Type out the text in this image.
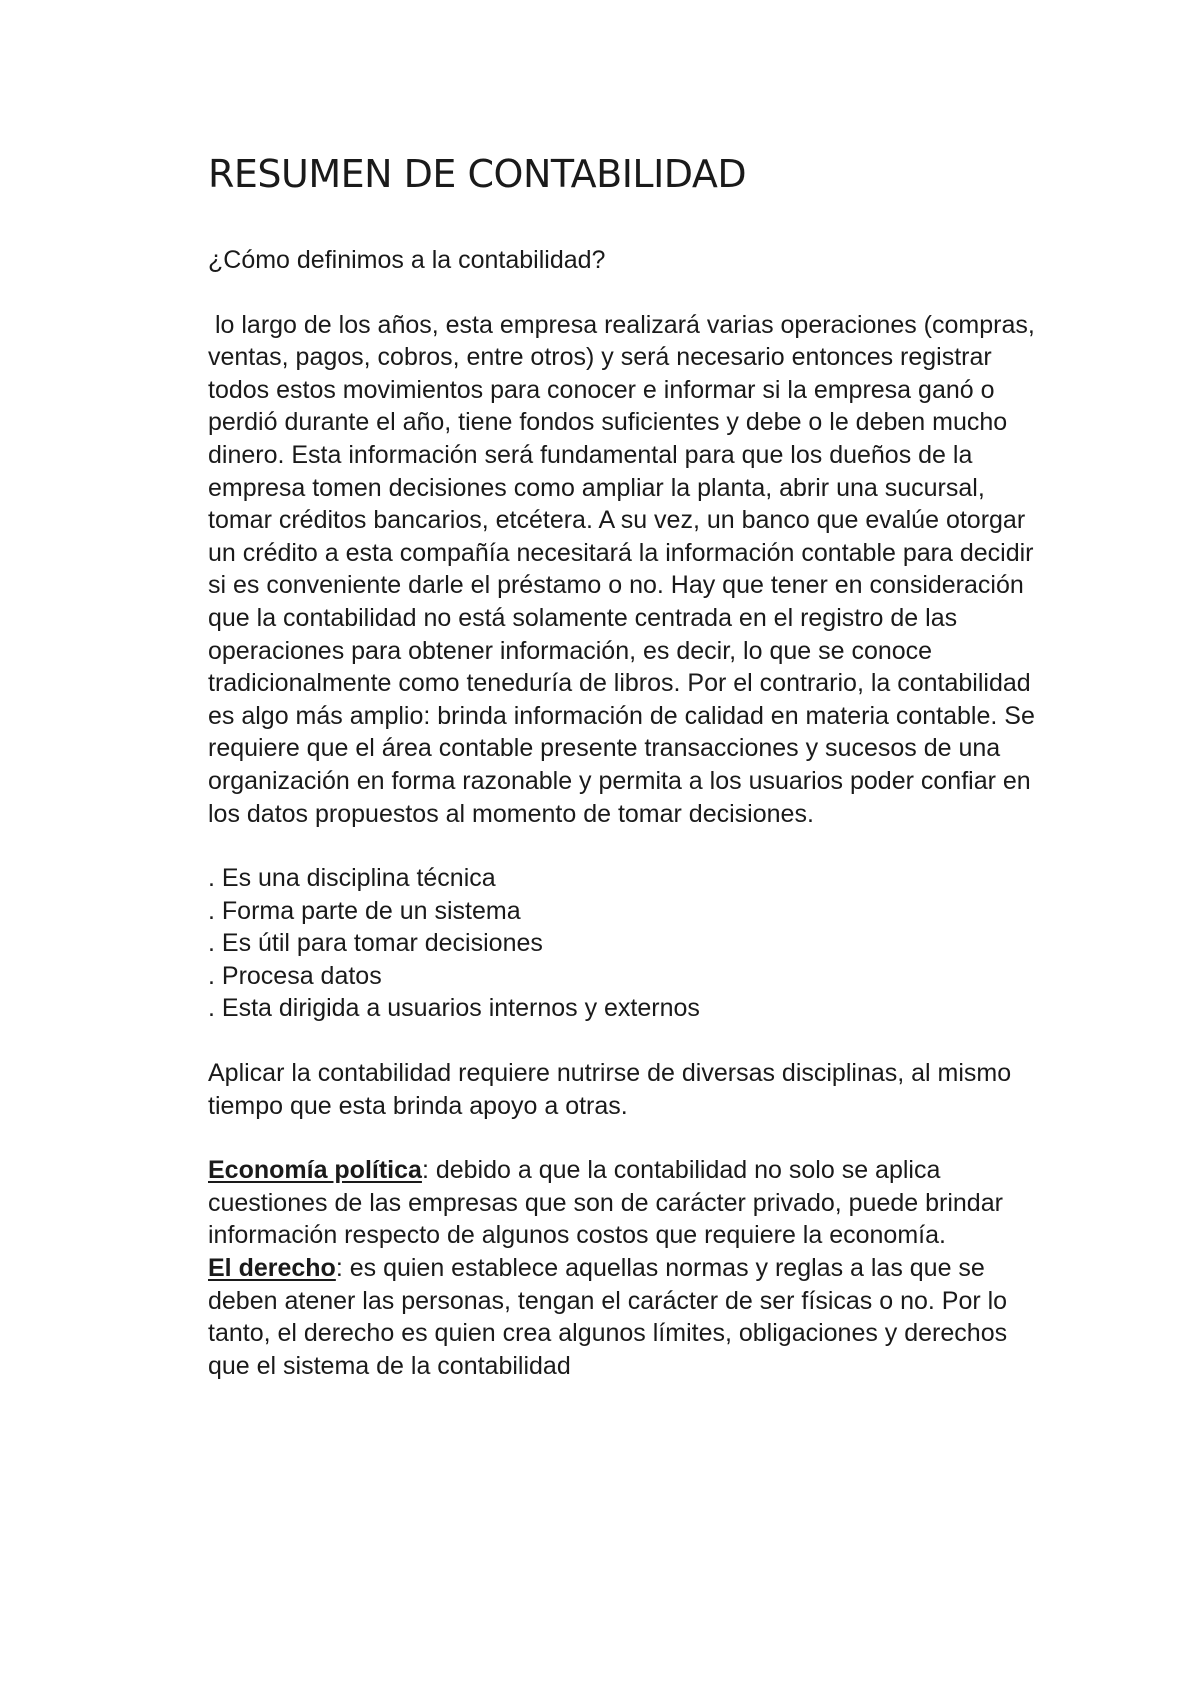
RESUMEN DE CONTABILIDAD

¿Cómo definimos a la contabilidad?

lo largo de los años, esta empresa realizará varias operaciones (compras, ventas, pagos, cobros, entre otros) y será necesario entonces registrar todos estos movimientos para conocer e informar si la empresa ganó o perdió durante el año, tiene fondos suficientes y debe o le deben mucho dinero. Esta información será fundamental para que los dueños de la empresa tomen decisiones como ampliar la planta, abrir una sucursal, tomar créditos bancarios, etcétera. A su vez, un banco que evalúe otorgar un crédito a esta compañía necesitará la información contable para decidir si es conveniente darle el préstamo o no. Hay que tener en consideración que la contabilidad no está solamente centrada en el registro de las operaciones para obtener información, es decir, lo que se conoce tradicionalmente como teneduría de libros. Por el contrario, la contabilidad es algo más amplio: brinda información de calidad en materia contable. Se requiere que el área contable presente transacciones y sucesos de una organización en forma razonable y permita a los usuarios poder confiar en los datos propuestos al momento de tomar decisiones.

. Es una disciplina técnica
. Forma parte de un sistema
. Es útil para tomar decisiones
. Procesa datos
. Esta dirigida a usuarios internos y externos

Aplicar la contabilidad requiere nutrirse de diversas disciplinas, al mismo tiempo que esta brinda apoyo a otras.

Economía política: debido a que la contabilidad no solo se aplica cuestiones de las empresas que son de carácter privado, puede brindar información respecto de algunos costos que requiere la economía.

El derecho: es quien establece aquellas normas y reglas a las que se deben atener las personas, tengan el carácter de ser físicas o no. Por lo tanto, el derecho es quien crea algunos límites, obligaciones y derechos que el sistema de la contabilidad
